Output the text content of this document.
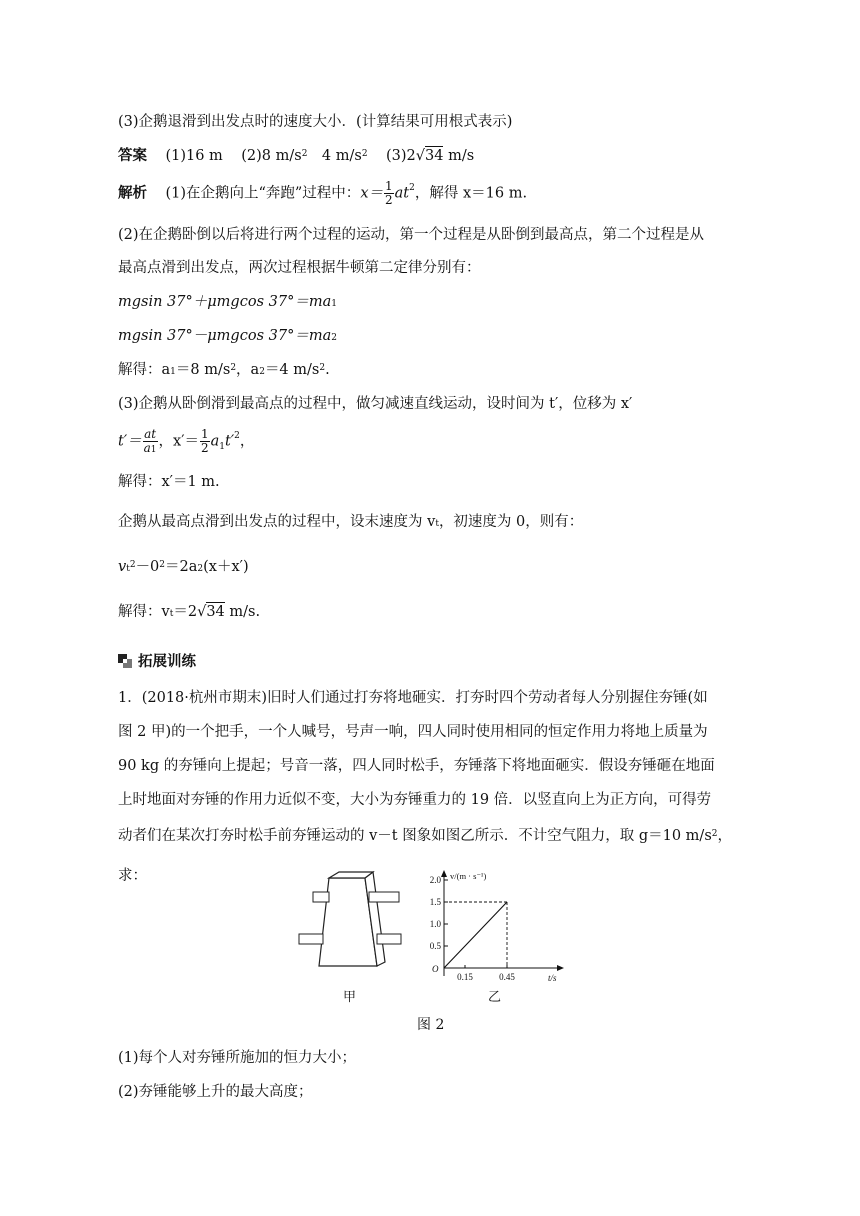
(3)企鹅退滑到出发点时的速度大小．(计算结果可用根式表示)
答案 (1)16 m (2)8 $m/s^2$　4 $m/s^2$ (3)2√34 m/s
解析 (1)在企鹅向上“奔跑”过程中：$x= \frac{1}{2} at^2$，解得 x＝16 m.
(2)在企鹅卧倒以后将进行两个过程的运动，第一个过程是从卧倒到最高点，第二个过程是从
最高点滑到出发点，两次过程根据牛顿第二定律分别有：
mgsin 37°＋μmgcos $37^\circ=ma_1$
mgsin 37°－μmgcos $37^\circ=ma_2$
解得：$a_1=8$ $m/s^2$，$a_2=4$ $m/s^2$.
(3)企鹅从卧倒滑到最高点的过程中，做匀减速直线运动，设时间为 t′，位移为 x′
$t'= \frac{at}{a_1}$ ，$x'= \frac{1}{2} a_1t'^2$，
解得：x′＝1 m.
企鹅从最高点滑到出发点的过程中，设末速度为 $v_t$，初速度为 0，则有：
$v_t^2-0^2=2a_2(x+x')$
解得：$v_t=2√34$ m/s.
拓展训练
1．(2018·杭州市期末)旧时人们通过打夯将地砸实．打夯时四个劳动者每人分别握住夯锤(如
图 2 甲)的一个把手，一个人喊号，号声一响，四人同时使用相同的恒定作用力将地上质量为
90 kg 的夯锤向上提起；号音一落，四人同时松手，夯锤落下将地面砸实．假设夯锤砸在地面
上时地面对夯锤的作用力近似不变，大小为夯锤重力的 19 倍．以竖直向上为正方向，可得劳
动者们在某次打夯时松手前夯锤运动的 v－t 图象如图乙所示．不计空气阻力，取 g＝10 $m/s^2$，
求：
甲
v/(m · s⁻¹)
t/s
O
0.5
1.0
1.5
2.0
0.15	0.45
乙
图 2
(1)每个人对夯锤所施加的恒力大小；
(2)夯锤能够上升的最大高度；
